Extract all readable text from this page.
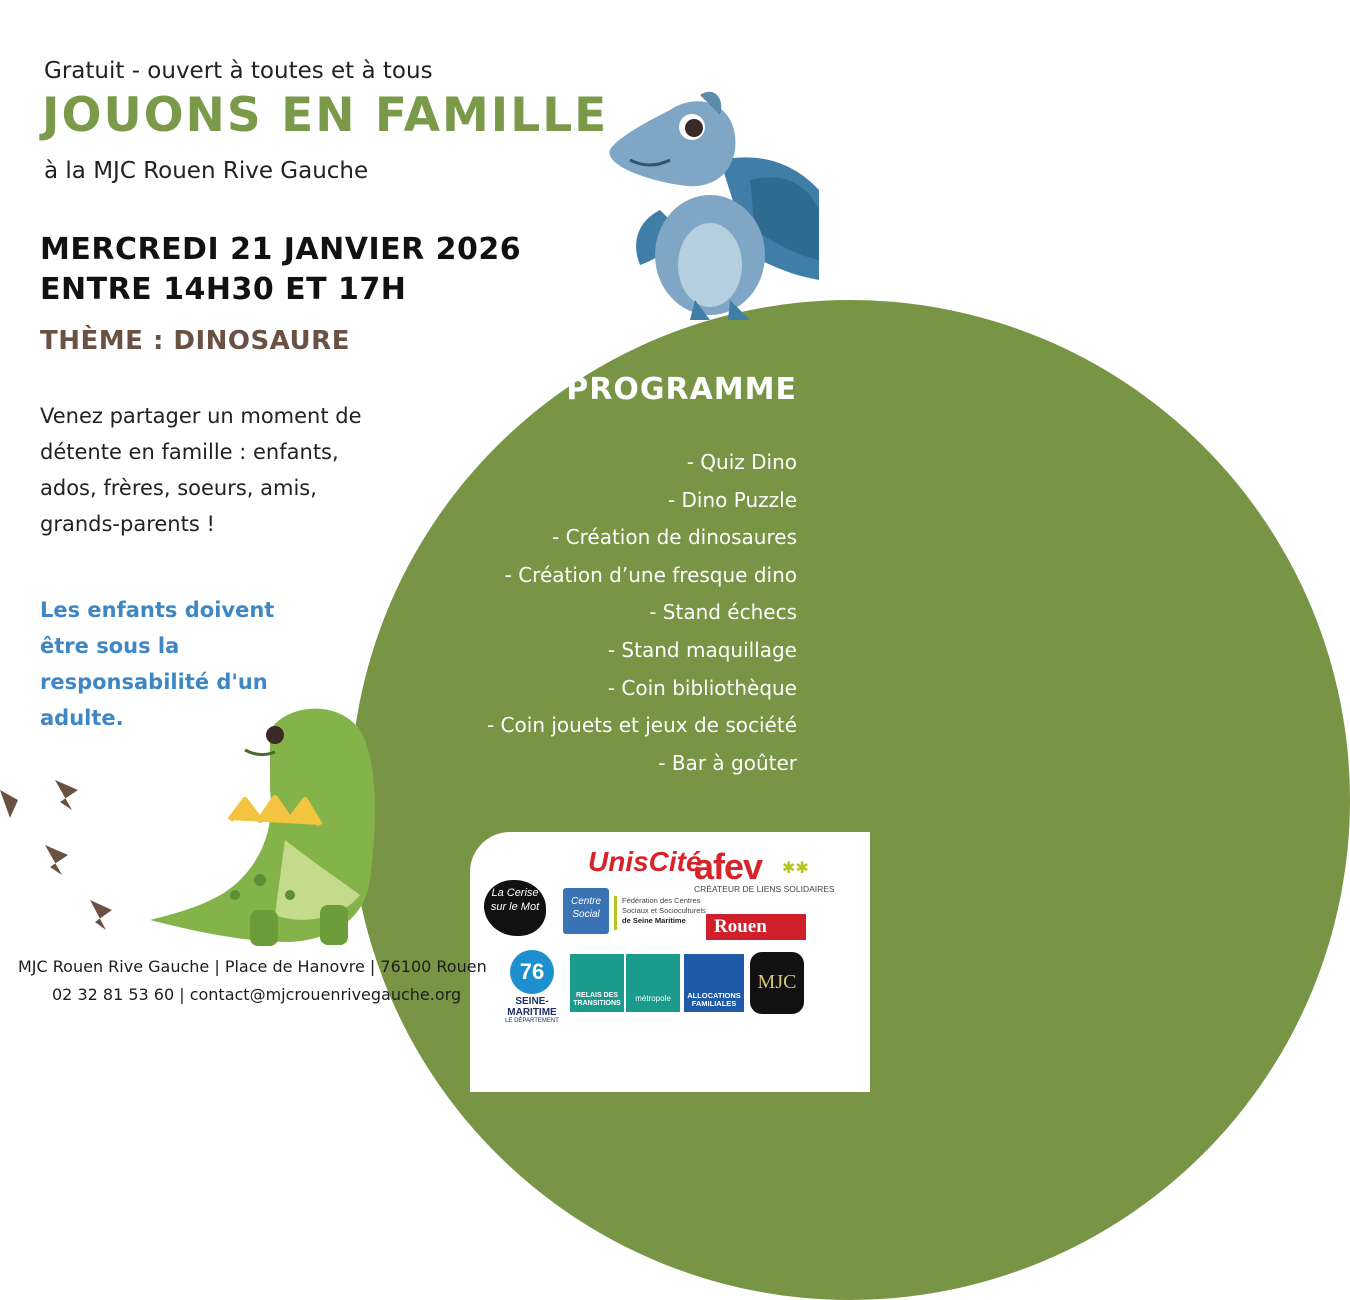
Gratuit - ouvert à toutes et à tous
JOUONS EN FAMILLE
à la MJC Rouen Rive Gauche
MERCREDI 21 JANVIER 2026
ENTRE 14H30 ET 17H
THÈME : DINOSAURE
Venez partager un moment de détente en famille : enfants, ados, frères, soeurs, amis, grands-parents !
Les enfants doivent être sous la responsabilité d'un adulte.
PROGRAMME
- Quiz Dino
- Dino Puzzle
- Création de dinosaures
- Création d’une fresque dino
- Stand échecs
- Stand maquillage
- Coin bibliothèque
- Coin jouets et jeux de société
- Bar à goûter
UnisCité
afev ✱✱
CRÉATEUR DE LIENS SOLIDAIRES
La Cerise sur le Mot	Centre Social
Fédération des Centres
Sociaux et Socioculturels
de Seine Maritime	Rouen
76
SEINE-MARITIME
LE DÉPARTEMENT
RELAIS DES TRANSITIONS
métropole	ALLOCATIONS FAMILIALES
MJC
MJC Rouen Rive Gauche | Place de Hanovre | 76100 Rouen
02 32 81 53 60 | contact@mjcrouenrivegauche.org
